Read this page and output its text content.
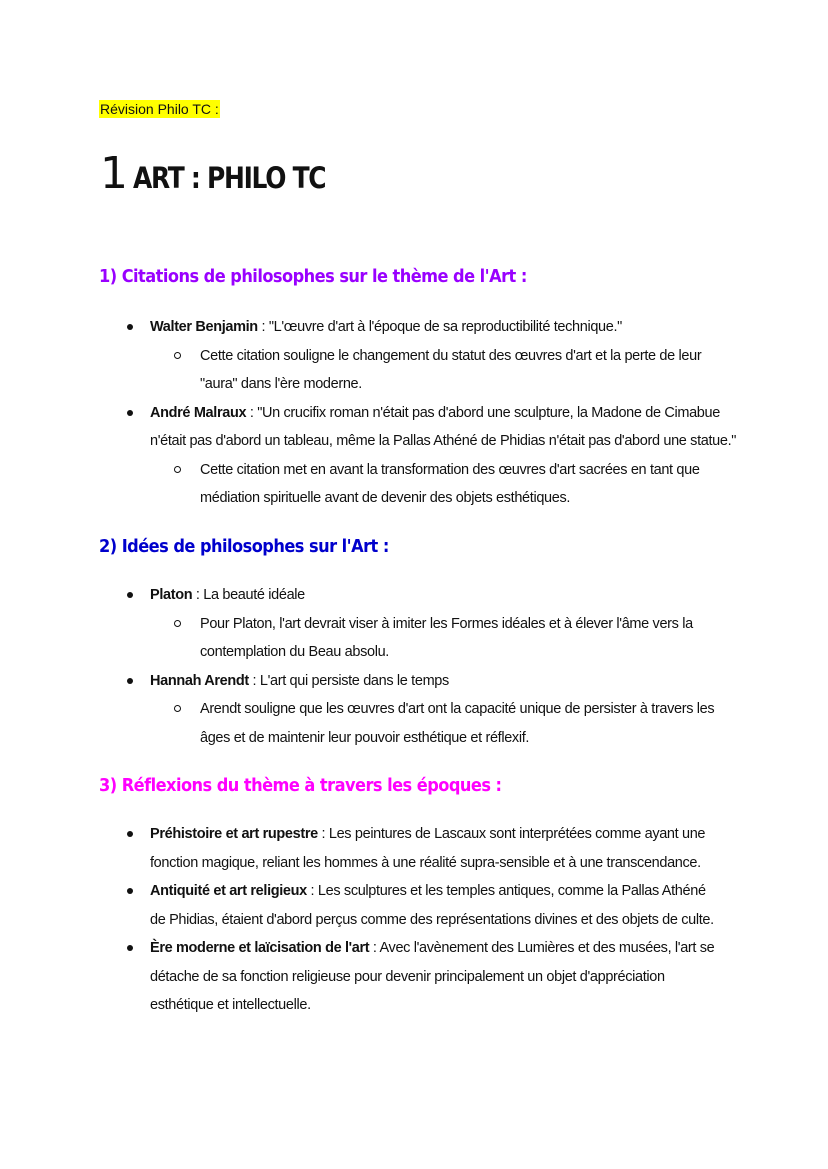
Révision Philo TC :
1 ART : PHILO TC
1) Citations de philosophes sur le thème de l'Art :
Walter Benjamin : "L'œuvre d'art à l'époque de sa reproductibilité technique."
Cette citation souligne le changement du statut des œuvres d'art et la perte de leur
"aura" dans l'ère moderne.
André Malraux : "Un crucifix roman n'était pas d'abord une sculpture, la Madone de Cimabue
n'était pas d'abord un tableau, même la Pallas Athéné de Phidias n'était pas d'abord une statue."
Cette citation met en avant la transformation des œuvres d'art sacrées en tant que
médiation spirituelle avant de devenir des objets esthétiques.
2) Idées de philosophes sur l'Art :
Platon : La beauté idéale
Pour Platon, l'art devrait viser à imiter les Formes idéales et à élever l'âme vers la
contemplation du Beau absolu.
Hannah Arendt : L'art qui persiste dans le temps
Arendt souligne que les œuvres d'art ont la capacité unique de persister à travers les
âges et de maintenir leur pouvoir esthétique et réflexif.
3) Réflexions du thème à travers les époques :
Préhistoire et art rupestre : Les peintures de Lascaux sont interprétées comme ayant une
fonction magique, reliant les hommes à une réalité supra-sensible et à une transcendance.
Antiquité et art religieux : Les sculptures et les temples antiques, comme la Pallas Athéné
de Phidias, étaient d'abord perçus comme des représentations divines et des objets de culte.
Ère moderne et laïcisation de l'art : Avec l'avènement des Lumières et des musées, l'art se
détache de sa fonction religieuse pour devenir principalement un objet d'appréciation
esthétique et intellectuelle.
